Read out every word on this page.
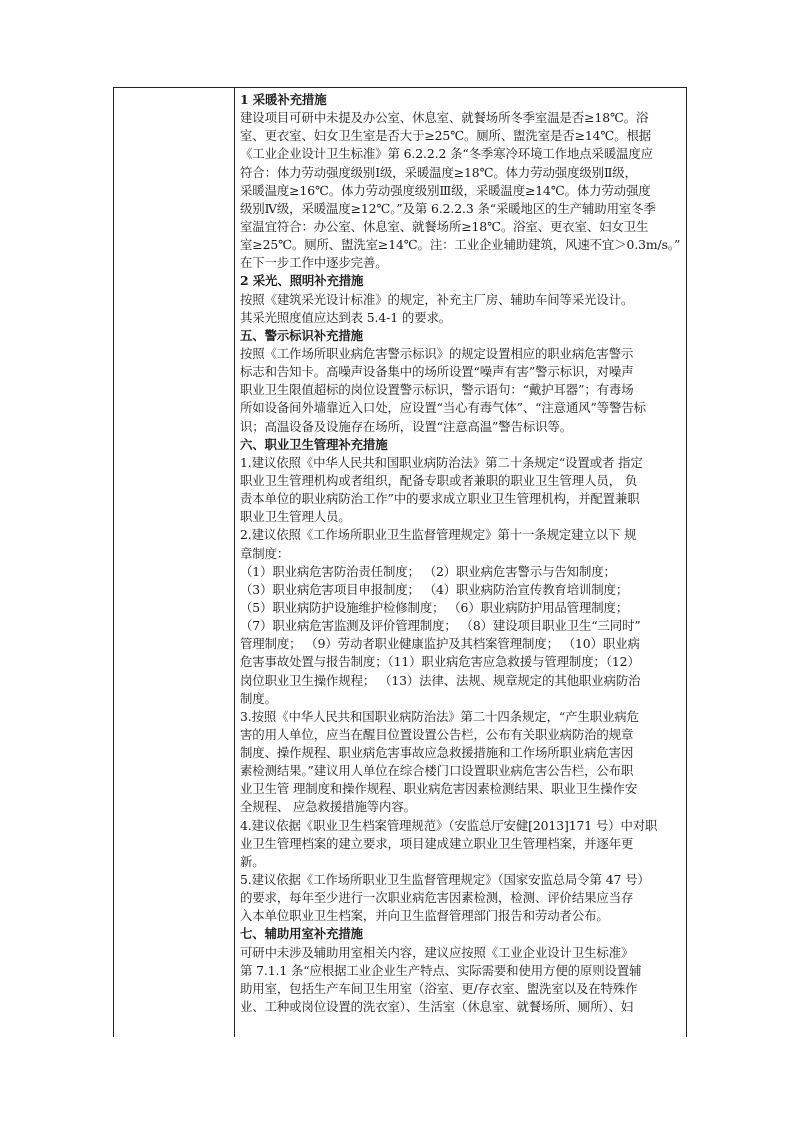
1 采暖补充措施
建设项目可研中未提及办公室、休息室、就餐场所冬季室温是否≥18℃。浴
室、更衣室、妇女卫生室是否大于≥25℃。厕所、盥洗室是否≥14℃。根据
《工业企业设计卫生标准》第 6.2.2.2 条“冬季寒冷环境工作地点采暖温度应
符合：体力劳动强度级别Ⅰ级，采暖温度≥18℃。体力劳动强度级别Ⅱ级，
采暖温度≥16℃。体力劳动强度级别Ⅲ级，采暖温度≥14℃。体力劳动强度
级别Ⅳ级，采暖温度≥12℃。”及第 6.2.2.3 条“采暖地区的生产辅助用室冬季
室温宜符合：办公室、休息室、就餐场所≥18℃。浴室、更衣室、妇女卫生
室≥25℃。厕所、盥洗室≥14℃。注：工业企业辅助建筑，风速不宜＞0.3m/s。”
在下一步工作中逐步完善。
2 采光、照明补充措施
按照《建筑采光设计标准》的规定，补充主厂房、辅助车间等采光设计。
其采光照度值应达到表 5.4-1 的要求。
五、警示标识补充措施
按照《工作场所职业病危害警示标识》的规定设置相应的职业病危害警示
标志和告知卡。高噪声设备集中的场所设置“噪声有害”警示标识，对噪声
职业卫生限值超标的岗位设置警示标识，警示语句：“戴护耳器”；有毒场
所如设备间外墙靠近入口处，应设置“当心有毒气体”、“注意通风”等警告标
识；高温设备及设施存在场所，设置“注意高温”警告标识等。
六、职业卫生管理补充措施
1.建议依照《中华人民共和国职业病防治法》第二十条规定“设置或者 指定
职业卫生管理机构或者组织，配备专职或者兼职的职业卫生管理人员， 负
责本单位的职业病防治工作”中的要求成立职业卫生管理机构，并配置兼职
职业卫生管理人员。
2.建议依照《工作场所职业卫生监督管理规定》第十一条规定建立以下 规
章制度：
（1）职业病危害防治责任制度； （2）职业病危害警示与告知制度；
（3）职业病危害项目申报制度； （4）职业病防治宣传教育培训制度；
（5）职业病防护设施维护检修制度； （6）职业病防护用品管理制度；
（7）职业病危害监测及评价管理制度； （8）建设项目职业卫生“三同时”
管理制度； （9）劳动者职业健康监护及其档案管理制度； （10）职业病
危害事故处置与报告制度；（11）职业病危害应急救援与管理制度；（12）
岗位职业卫生操作规程； （13）法律、法规、规章规定的其他职业病防治
制度。
3.按照《中华人民共和国职业病防治法》第二十四条规定，“产生职业病危
害的用人单位，应当在醒目位置设置公告栏，公布有关职业病防治的规章
制度、操作规程、职业病危害事故应急救援措施和工作场所职业病危害因
素检测结果。”建议用人单位在综合楼门口设置职业病危害公告栏，公布职
业卫生管 理制度和操作规程、职业病危害因素检测结果、职业卫生操作安
全规程、 应急救援措施等内容。
4.建议依据《职业卫生档案管理规范》（安监总厅安健[2013]171 号）中对职
业卫生管理档案的建立要求，项目建成建立职业卫生管理档案，并逐年更
新。
5.建议依据《工作场所职业卫生监督管理规定》（国家安监总局令第 47 号）
的要求，每年至少进行一次职业病危害因素检测，检测、评价结果应当存
入本单位职业卫生档案，并向卫生监督管理部门报告和劳动者公布。
七、辅助用室补充措施
可研中未涉及辅助用室相关内容，建议应按照《工业企业设计卫生标准》
第 7.1.1 条“应根据工业企业生产特点、实际需要和使用方便的原则设置辅
助用室，包括生产车间卫生用室（浴室、更/存衣室、盥洗室以及在特殊作
业、工种或岗位设置的洗衣室）、生活室（休息室、就餐场所、厕所）、妇
